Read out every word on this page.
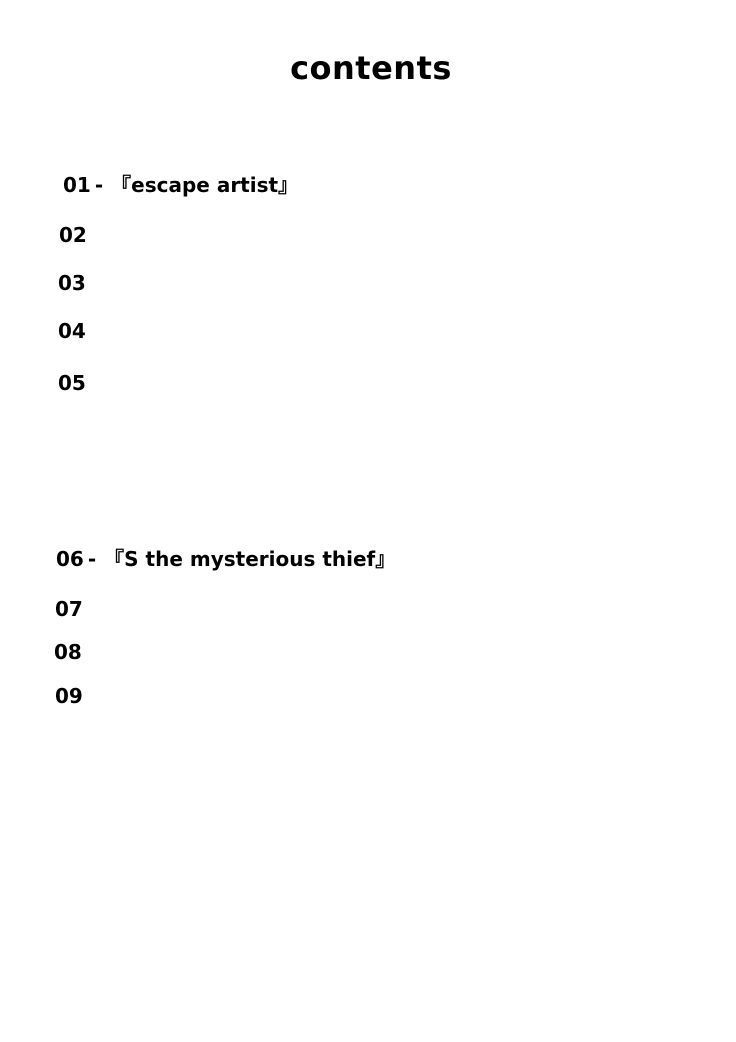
contents
01 - 『escape artist』
02
03
04
05
06 - 『S the mysterious thief』
07
08
09
